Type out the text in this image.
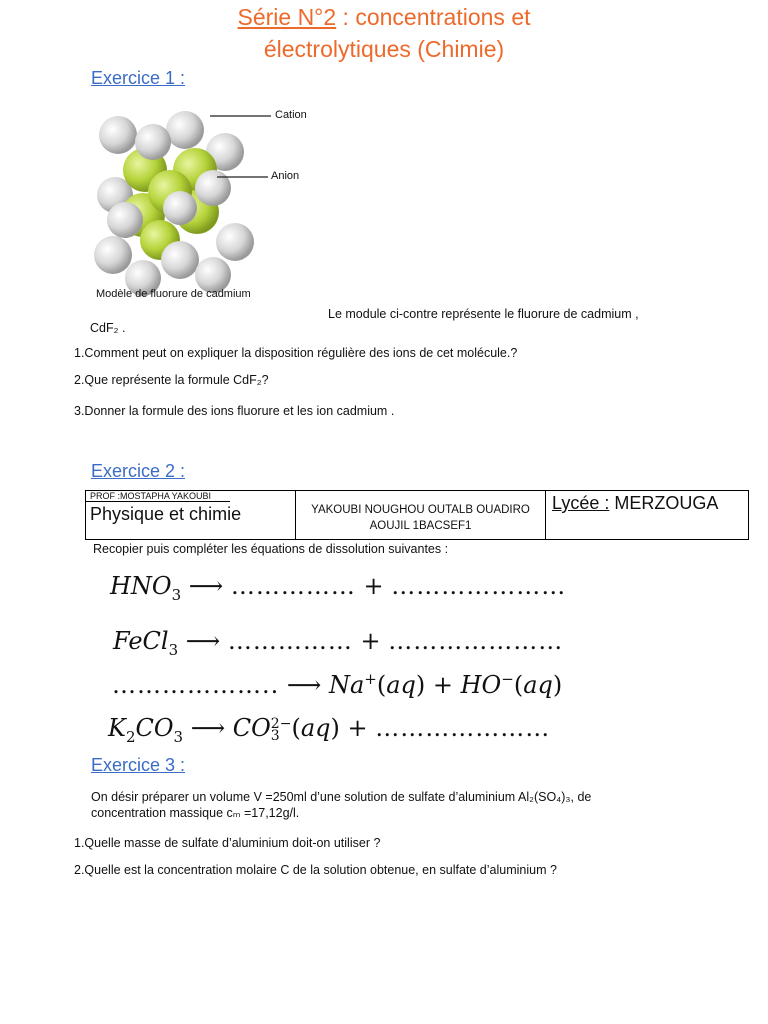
Série N°2 : concentrations et
électrolytiques (Chimie)
Exercice 1 :
Cation
Anion
Modèle de fluorure de cadmium
Le module ci-contre représente le fluorure de cadmium ,
CdF₂ .
1.Comment peut on expliquer la disposition régulière des ions de cet molécule.?
2.Que représente la formule CdF₂?
3.Donner la formule des ions fluorure et les ion cadmium .
Exercice 2 :
PROF :MOSTAPHA YAKOUBI
Physique et chimie	YAKOUBI NOUGHOU OUTALB OUADIRO
AOUJIL 1BACSEF1

Lycée : MERZOUGA
Recopier puis compléter les équations de dissolution suivantes :
$HNO_3$ ⟶ …………… + …………………
FeCl$_3$ ⟶ …………… + …………………
……………….. ⟶ Na+(aq) + HO−(aq)
$K_2CO_3$ ⟶ CO 2−
3 (aq) + …………………
Exercice 3 :
On désir préparer un volume V =250ml d’une solution de sulfate d’aluminium Al₂(SO₄)₃, de
concentration massique cₘ =17,12g/l.
1.Quelle masse de sulfate d’aluminium doit-on utiliser ?
2.Quelle est la concentration molaire C de la solution obtenue, en sulfate d’aluminium ?
